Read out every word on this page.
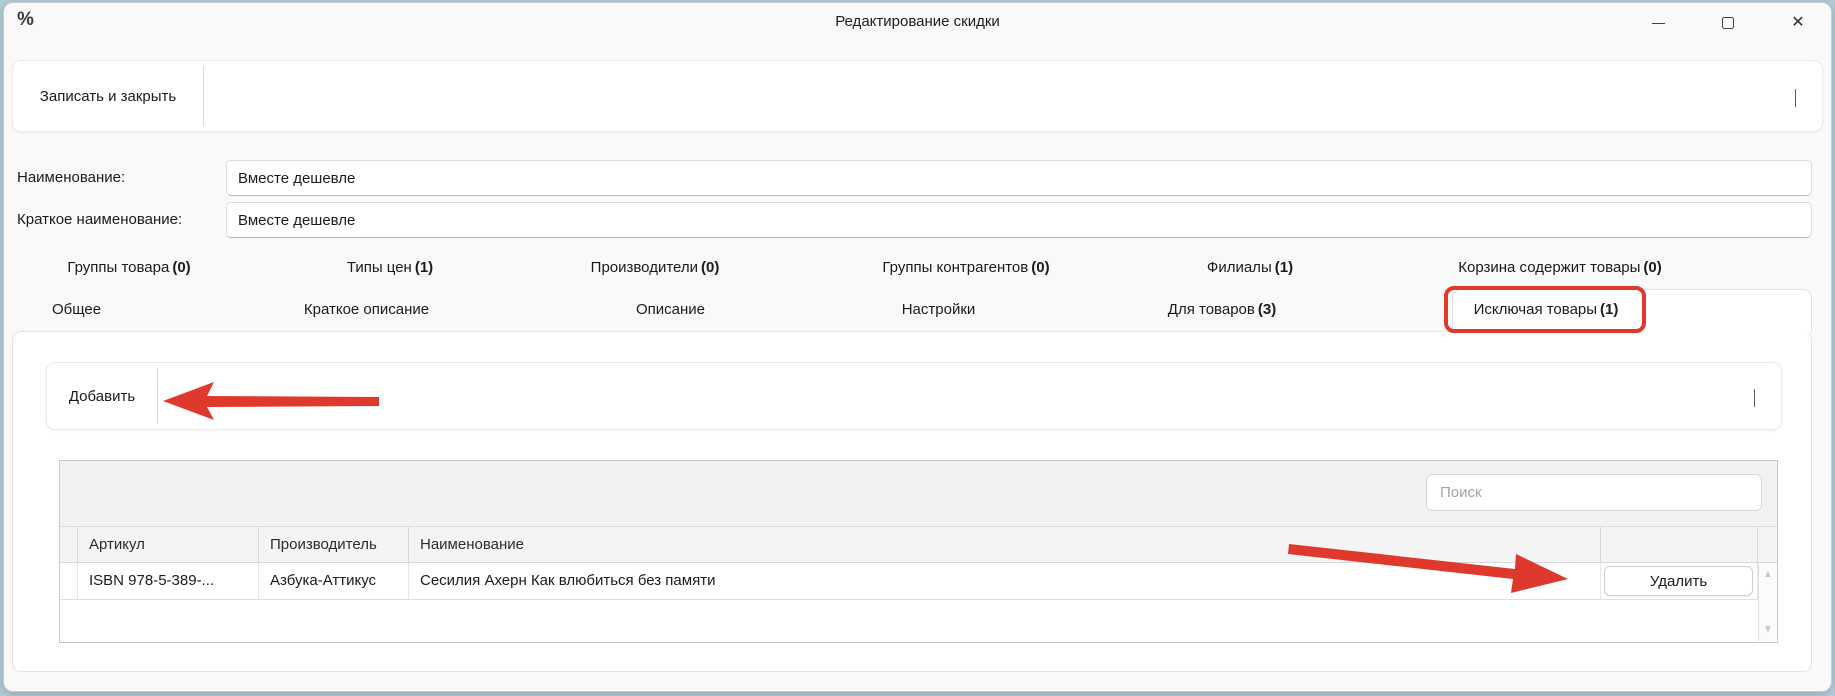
%	Редактирование скидки	✕
Записать и закрыть
Наименование:
Вместе дешевле
Краткое наименование:
Вместе дешевле
Группы товара (0)	Типы цен (1)	Производители (0)	Группы контрагентов (0)	Филиалы (1)	Корзина содержит товары (0)
Общее	Краткое описание	Описание	Настройки	Для товаров (3)	Исключая товары (1)
Добавить
Поиск
Артикул	Производитель	Наименование
ISBN 978-5-389-...	Азбука-Аттикус	Сесилия Ахерн Как влюбиться без памяти	Удалить	▲
▼
